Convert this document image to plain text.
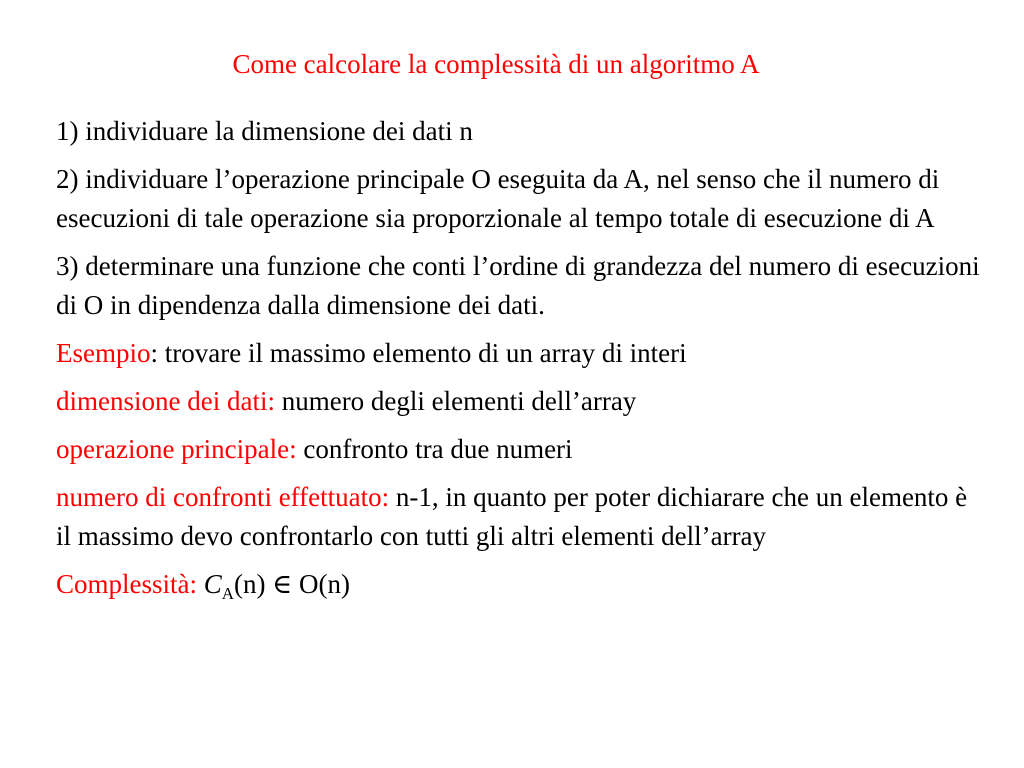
Come calcolare la complessità di un algoritmo A
1) individuare la dimensione dei dati n
2) individuare l’operazione principale O eseguita da A, nel senso che il numero di esecuzioni di tale operazione sia proporzionale al tempo totale di esecuzione di A
3) determinare una funzione che conti l’ordine di grandezza del numero di esecuzioni di O in dipendenza dalla dimensione dei dati.
Esempio: trovare il massimo elemento di un array di interi
dimensione dei dati: numero degli elementi dell’array
operazione principale: confronto tra due numeri
numero di confronti effettuato: n-1, in quanto per poter dichiarare che un elemento è il massimo devo confrontarlo con tutti gli altri elementi dell’array
Complessità: $C_A(n)$ ∈ O(n)
